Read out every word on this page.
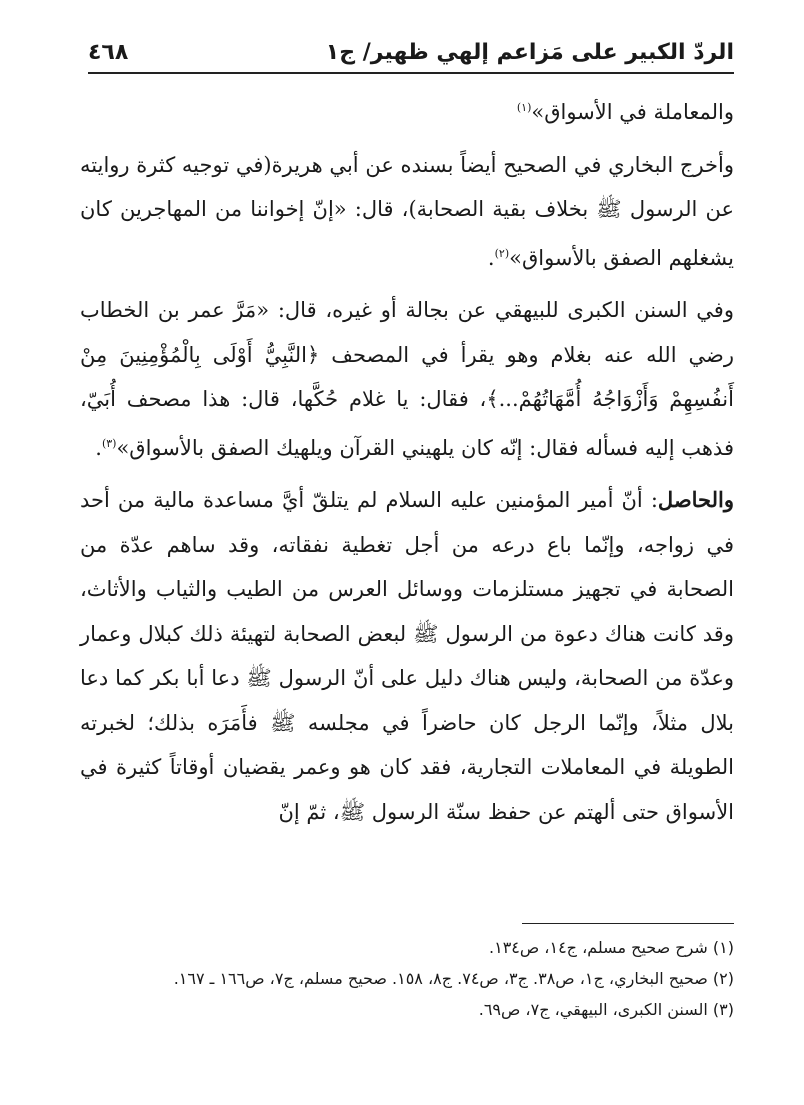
الردّ الكبير على مَزاعم إلهي ظهير/ ج١
٤٦٨

والمعاملة في الأسواق»$^{(١)}$

وأخرج البخاري في الصحيح أيضاً بسنده عن أبي هريرة(في توجيه كثرة روايته عن الرسول ﷺ بخلاف بقية الصحابة)، قال: «إنّ إخواننا من المهاجرين كان يشغلهم الصفق بالأسواق»$^{(٢)}$.

وفي السنن الكبرى للبيهقي عن بجالة أو غيره، قال: «مَرَّ عمر بن الخطاب رضي الله عنه بغلام وهو يقرأ في المصحف ﴿النَّبِيُّ أَوْلَى بِالْمُؤْمِنِينَ مِنْ أَنفُسِهِمْ وَأَزْوَاجُهُ أُمَّهَاتُهُمْ...﴾، فقال: يا غلام حُكَّها، قال: هذا مصحف أُبَيّ، فذهب إليه فسأله فقال: إنّه كان يلهيني القرآن ويلهيك الصفق بالأسواق»$^{(٣)}$.

والحاصل: أنّ أمير المؤمنين عليه السلام لم يتلقّ أيَّ مساعدة مالية من أحد في زواجه، وإنّما باع درعه من أجل تغطية نفقاته، وقد ساهم عدّة من الصحابة في تجهيز مستلزمات ووسائل العرس من الطيب والثياب والأثاث، وقد كانت هناك دعوة من الرسول ﷺ لبعض الصحابة لتهيئة ذلك كبلال وعمار وعدّة من الصحابة، وليس هناك دليل على أنّ الرسول ﷺ دعا أبا بكر كما دعا بلال مثلاً، وإنّما الرجل كان حاضراً في مجلسه ﷺ فأَمَرَه بذلك؛ لخبرته الطويلة في المعاملات التجارية، فقد كان هو وعمر يقضيان أوقاتاً كثيرة في الأسواق حتى ألهتم عن حفظ سنّة الرسول ﷺ، ثمّ إنّ

(١) شرح صحيح مسلم، ج١٤، ص١٣٤.

(٢) صحيح البخاري، ج١، ص٣٨. ج٣، ص٧٤. ج٨، ١٥٨. صحيح مسلم، ج٧، ص١٦٦ ـ ١٦٧.

(٣) السنن الكبرى، البيهقي، ج٧، ص٦٩.
